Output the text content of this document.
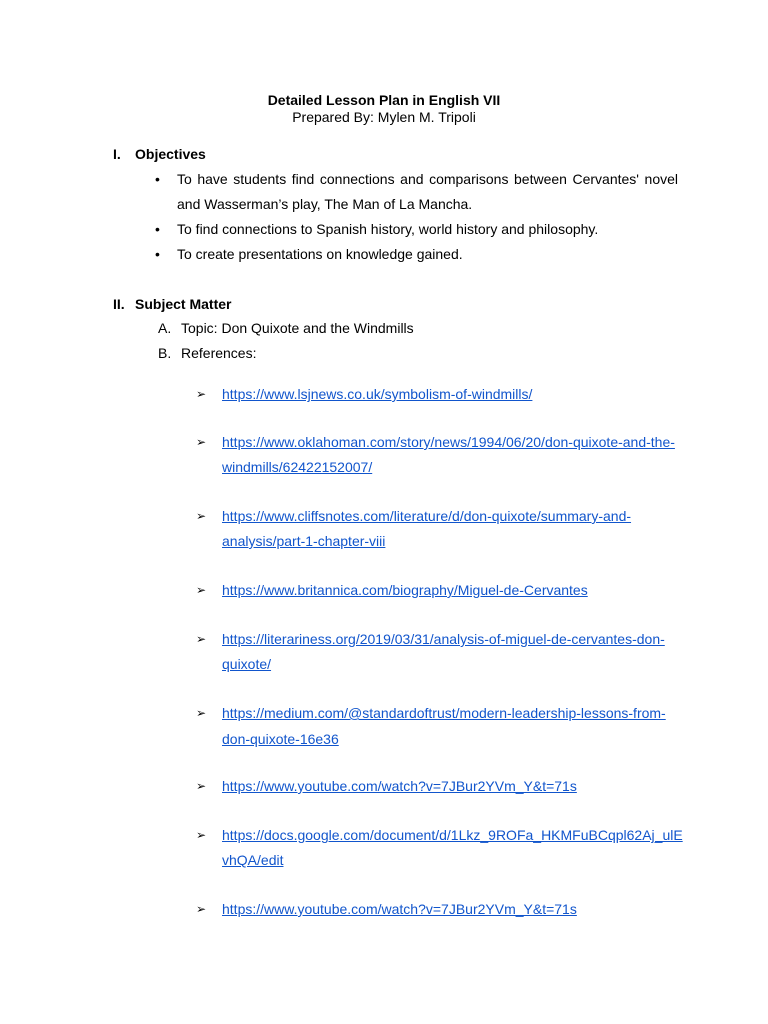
Detailed Lesson Plan in English VII
Prepared By: Mylen M. Tripoli
I. Objectives
• To have students find connections and comparisons between Cervantes' novel
and Wasserman’s play, The Man of La Mancha.
• To find connections to Spanish history, world history and philosophy.
• To create presentations on knowledge gained.
II. Subject Matter
A. Topic: Don Quixote and the Windmills
B. References:
➢ https://www.lsjnews.co.uk/symbolism-of-windmills/
➢ https://www.oklahoman.com/story/news/1994/06/20/don-quixote-and-the-
windmills/62422152007/
➢ https://www.cliffsnotes.com/literature/d/don-quixote/summary-and-
analysis/part-1-chapter-viii
➢ https://www.britannica.com/biography/Miguel-de-Cervantes
➢ https://literariness.org/2019/03/31/analysis-of-miguel-de-cervantes-don-
quixote/
➢ https://medium.com/@standardoftrust/modern-leadership-lessons-from-
don-quixote-16e36
➢ https://www.youtube.com/watch?v=7JBur2YVm_Y&t=71s
➢ https://docs.google.com/document/d/1Lkz_9ROFa_HKMFuBCqpl62Aj_ulE
vhQA/edit
➢ https://www.youtube.com/watch?v=7JBur2YVm_Y&t=71s
